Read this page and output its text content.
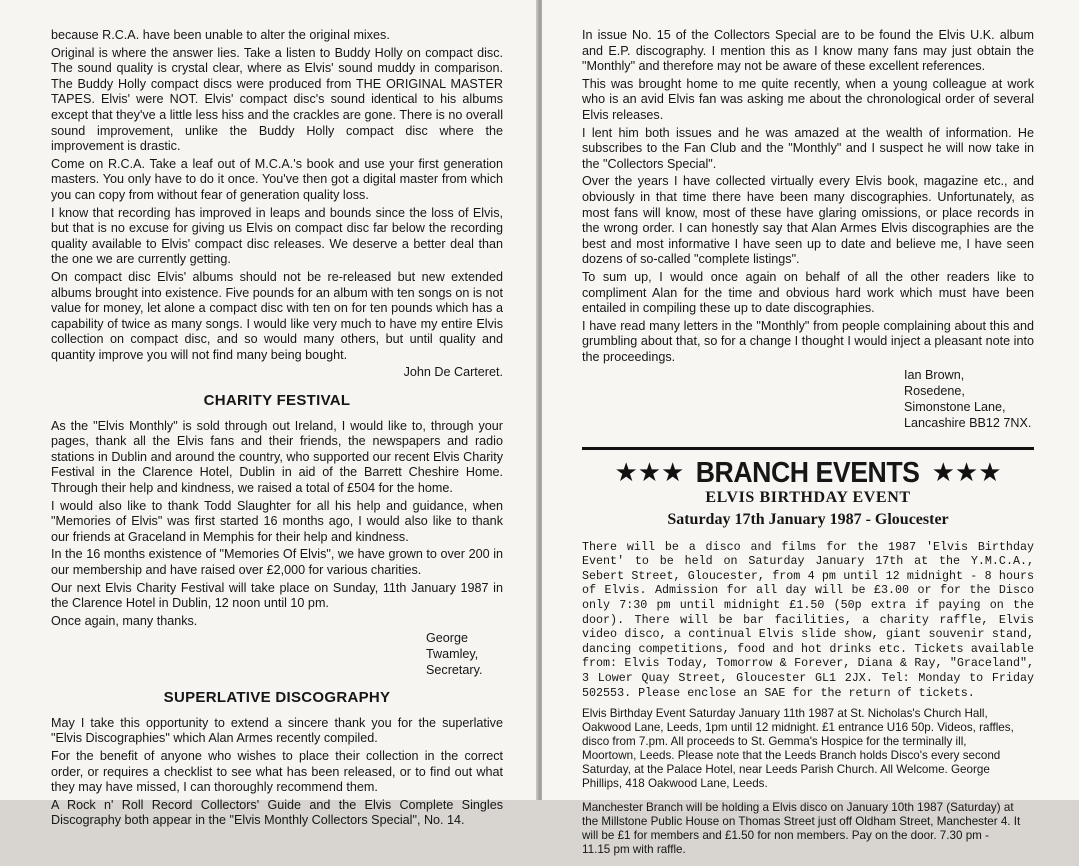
because R.C.A. have been unable to alter the original mixes.

Original is where the answer lies. Take a listen to Buddy Holly on compact disc. The sound quality is crystal clear, where as Elvis' sound muddy in comparison. The Buddy Holly compact discs were produced from THE ORIGINAL MASTER TAPES. Elvis' were NOT. Elvis' compact disc's sound identical to his albums except that they've a little less hiss and the crackles are gone. There is no overall sound improvement, unlike the Buddy Holly compact disc where the improvement is drastic.

Come on R.C.A. Take a leaf out of M.C.A.'s book and use your first generation masters. You only have to do it once. You've then got a digital master from which you can copy from without fear of generation quality loss.

I know that recording has improved in leaps and bounds since the loss of Elvis, but that is no excuse for giving us Elvis on compact disc far below the recording quality available to Elvis' compact disc releases. We deserve a better deal than the one we are currently getting.

On compact disc Elvis' albums should not be re-released but new extended albums brought into existence. Five pounds for an album with ten songs on is not value for money, let alone a compact disc with ten on for ten pounds which has a capability of twice as many songs. I would like very much to have my entire Elvis collection on compact disc, and so would many others, but until quality and quantity improve you will not find many being bought.

John De Carteret.

CHARITY FESTIVAL

As the "Elvis Monthly" is sold through out Ireland, I would like to, through your pages, thank all the Elvis fans and their friends, the newspapers and radio stations in Dublin and around the country, who supported our recent Elvis Charity Festival in the Clarence Hotel, Dublin in aid of the Barrett Cheshire Home. Through their help and kindness, we raised a total of £504 for the home.

I would also like to thank Todd Slaughter for all his help and guidance, when "Memories of Elvis" was first started 16 months ago, I would also like to thank our friends at Graceland in Memphis for their help and kindness.

In the 16 months existence of "Memories Of Elvis", we have grown to over 200 in our membership and have raised over £2,000 for various charities.

Our next Elvis Charity Festival will take place on Sunday, 11th January 1987 in the Clarence Hotel in Dublin, 12 noon until 10 pm.

Once again, many thanks.

George Twamley,
Secretary.
SUPERLATIVE DISCOGRAPHY

May I take this opportunity to extend a sincere thank you for the superlative "Elvis Discographies" which Alan Armes recently compiled.

For the benefit of anyone who wishes to place their collection in the correct order, or requires a checklist to see what has been released, or to find out what they may have missed, I can thoroughly recommend them.

A Rock n' Roll Record Collectors' Guide and the Elvis Complete Singles Discography both appear in the "Elvis Monthly Collectors Special", No. 14.

In issue No. 15 of the Collectors Special are to be found the Elvis U.K. album and E.P. discography. I mention this as I know many fans may just obtain the "Monthly" and therefore may not be aware of these excellent references.

This was brought home to me quite recently, when a young colleague at work who is an avid Elvis fan was asking me about the chronological order of several Elvis releases.

I lent him both issues and he was amazed at the wealth of information. He subscribes to the Fan Club and the "Monthly" and I suspect he will now take in the "Collectors Special".

Over the years I have collected virtually every Elvis book, magazine etc., and obviously in that time there have been many discographies. Unfortunately, as most fans will know, most of these have glaring omissions, or place records in the wrong order. I can honestly say that Alan Armes Elvis discographies are the best and most informative I have seen up to date and believe me, I have seen dozens of so-called "complete listings".

To sum up, I would once again on behalf of all the other readers like to compliment Alan for the time and obvious hard work which must have been entailed in compiling these up to date discographies.

I have read many letters in the "Monthly" from people complaining about this and grumbling about that, so for a change I thought I would inject a pleasant note into the proceedings.

Ian Brown,
Rosedene,
Simonstone Lane,
Lancashire BB12 7NX.
★★★ BRANCH EVENTS ★★★
ELVIS BIRTHDAY EVENT
Saturday 17th January 1987 - Gloucester

There will be a disco and films for the 1987 'Elvis Birthday Event' to be held on Saturday January 17th at the Y.M.C.A., Sebert Street, Gloucester, from 4 pm until 12 midnight - 8 hours of Elvis. Admission for all day will be £3.00 or for the Disco only 7:30 pm until midnight £1.50 (50p extra if paying on the door). There will be bar facilities, a charity raffle, Elvis video disco, a continual Elvis slide show, giant souvenir stand, dancing competitions, food and hot drinks etc. Tickets available from: Elvis Today, Tomorrow & Forever, Diana & Ray, "Graceland", 3 Lower Quay Street, Gloucester GL1 2JX. Tel: Monday to Friday 502553. Please enclose an SAE for the return of tickets.

Elvis Birthday Event Saturday January 11th 1987 at St. Nicholas's Church Hall, Oakwood Lane, Leeds, 1pm until 12 midnight. £1 entrance U16 50p. Videos, raffles, disco from 7.pm. All proceeds to St. Gemma's Hospice for the terminally ill, Moortown, Leeds. Please note that the Leeds Branch holds Disco's every second Saturday, at the Palace Hotel, near Leeds Parish Church. All Welcome. George Phillips, 418 Oakwood Lane, Leeds.

Manchester Branch will be holding a Elvis disco on January 10th 1987 (Saturday) at the Millstone Public House on Thomas Street just off Oldham Street, Manchester 4. It will be £1 for members and £1.50 for non members. Pay on the door. 7.30 pm - 11.15 pm with raffle.
